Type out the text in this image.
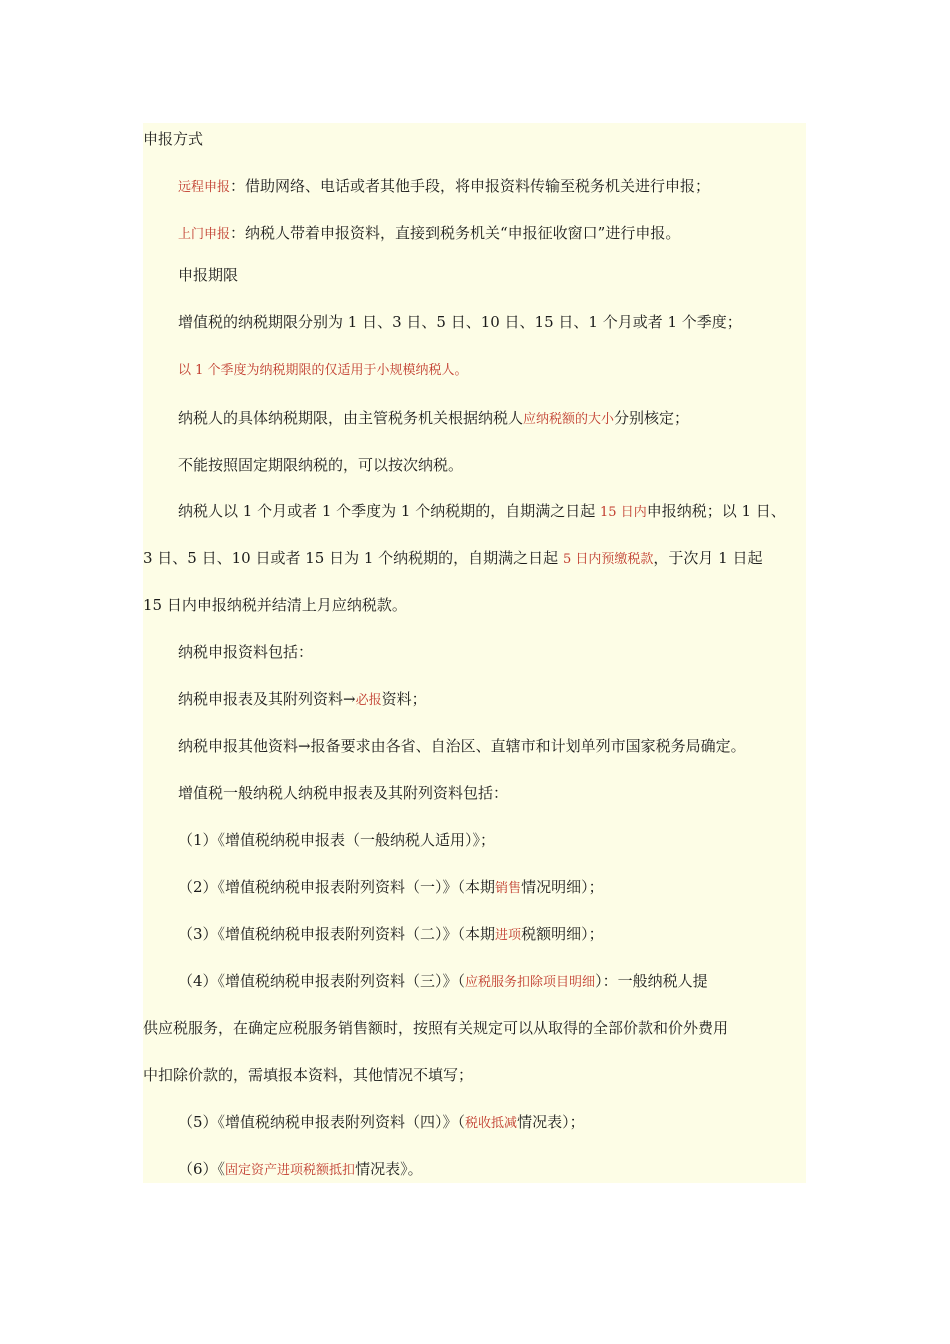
申报方式
远程申报：借助网络、电话或者其他手段，将申报资料传输至税务机关进行申报；
上门申报：纳税人带着申报资料，直接到税务机关“申报征收窗口”进行申报。
申报期限
增值税的纳税期限分别为 1 日、3 日、5 日、10 日、15 日、1 个月或者 1 个季度；
以 1 个季度为纳税期限的仅适用于小规模纳税人。
纳税人的具体纳税期限，由主管税务机关根据纳税人应纳税额的大小分别核定；
不能按照固定期限纳税的，可以按次纳税。
纳税人以 1 个月或者 1 个季度为 1 个纳税期的，自期满之日起 15 日内申报纳税；以 1 日、
3 日、5 日、10 日或者 15 日为 1 个纳税期的，自期满之日起 5 日内预缴税款，于次月 1 日起
15 日内申报纳税并结清上月应纳税款。
纳税申报资料包括：
纳税申报表及其附列资料→必报资料；
纳税申报其他资料→报备要求由各省、自治区、直辖市和计划单列市国家税务局确定。
增值税一般纳税人纳税申报表及其附列资料包括：
（1）《增值税纳税申报表（一般纳税人适用）》；
（2）《增值税纳税申报表附列资料（一）》（本期销售情况明细）；
（3）《增值税纳税申报表附列资料（二）》（本期进项税额明细）；
（4）《增值税纳税申报表附列资料（三）》（应税服务扣除项目明细）：一般纳税人提
供应税服务，在确定应税服务销售额时，按照有关规定可以从取得的全部价款和价外费用
中扣除价款的，需填报本资料，其他情况不填写；
（5）《增值税纳税申报表附列资料（四）》（税收抵减情况表）；
（6）《固定资产进项税额抵扣情况表》。
